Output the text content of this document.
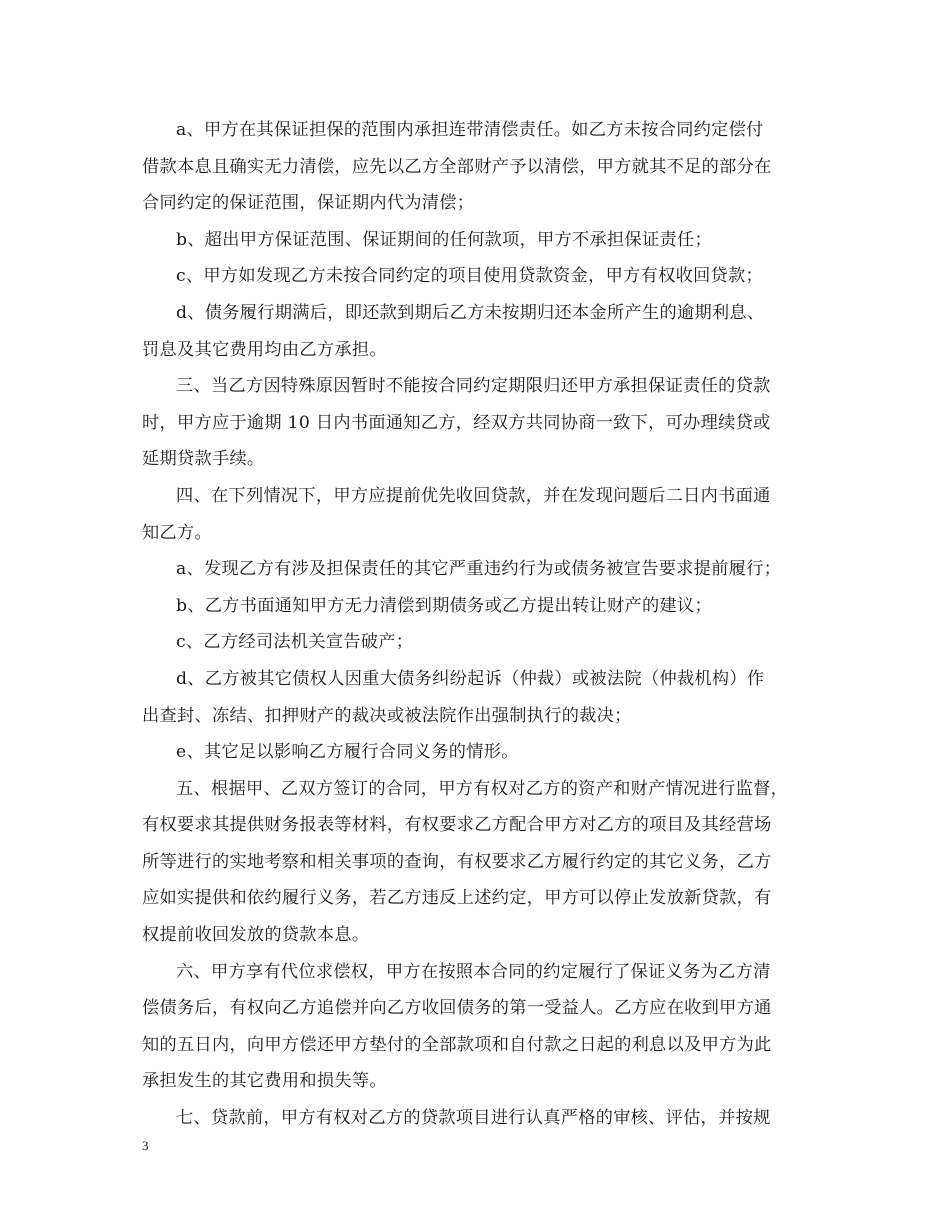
a、甲方在其保证担保的范围内承担连带清偿责任。如乙方未按合同约定偿付
借款本息且确实无力清偿，应先以乙方全部财产予以清偿，甲方就其不足的部分在
合同约定的保证范围，保证期内代为清偿；
b、超出甲方保证范围、保证期间的任何款项，甲方不承担保证责任；
c、甲方如发现乙方未按合同约定的项目使用贷款资金，甲方有权收回贷款；
d、债务履行期满后，即还款到期后乙方未按期归还本金所产生的逾期利息、
罚息及其它费用均由乙方承担。
三、当乙方因特殊原因暂时不能按合同约定期限归还甲方承担保证责任的贷款
时，甲方应于逾期 10 日内书面通知乙方，经双方共同协商一致下，可办理续贷或
延期贷款手续。
四、在下列情况下，甲方应提前优先收回贷款，并在发现问题后二日内书面通
知乙方。
a、发现乙方有涉及担保责任的其它严重违约行为或债务被宣告要求提前履行；
b、乙方书面通知甲方无力清偿到期债务或乙方提出转让财产的建议；
c、乙方经司法机关宣告破产；
d、乙方被其它债权人因重大债务纠纷起诉（仲裁）或被法院（仲裁机构）作
出查封、冻结、扣押财产的裁决或被法院作出强制执行的裁决；
e、其它足以影响乙方履行合同义务的情形。
五、根据甲、乙双方签订的合同，甲方有权对乙方的资产和财产情况进行监督，
有权要求其提供财务报表等材料，有权要求乙方配合甲方对乙方的项目及其经营场
所等进行的实地考察和相关事项的查询，有权要求乙方履行约定的其它义务，乙方
应如实提供和依约履行义务，若乙方违反上述约定，甲方可以停止发放新贷款，有
权提前收回发放的贷款本息。
六、甲方享有代位求偿权，甲方在按照本合同的约定履行了保证义务为乙方清
偿债务后，有权向乙方追偿并向乙方收回债务的第一受益人。乙方应在收到甲方通
知的五日内，向甲方偿还甲方垫付的全部款项和自付款之日起的利息以及甲方为此
承担发生的其它费用和损失等。
七、贷款前，甲方有权对乙方的贷款项目进行认真严格的审核、评估，并按规
3
